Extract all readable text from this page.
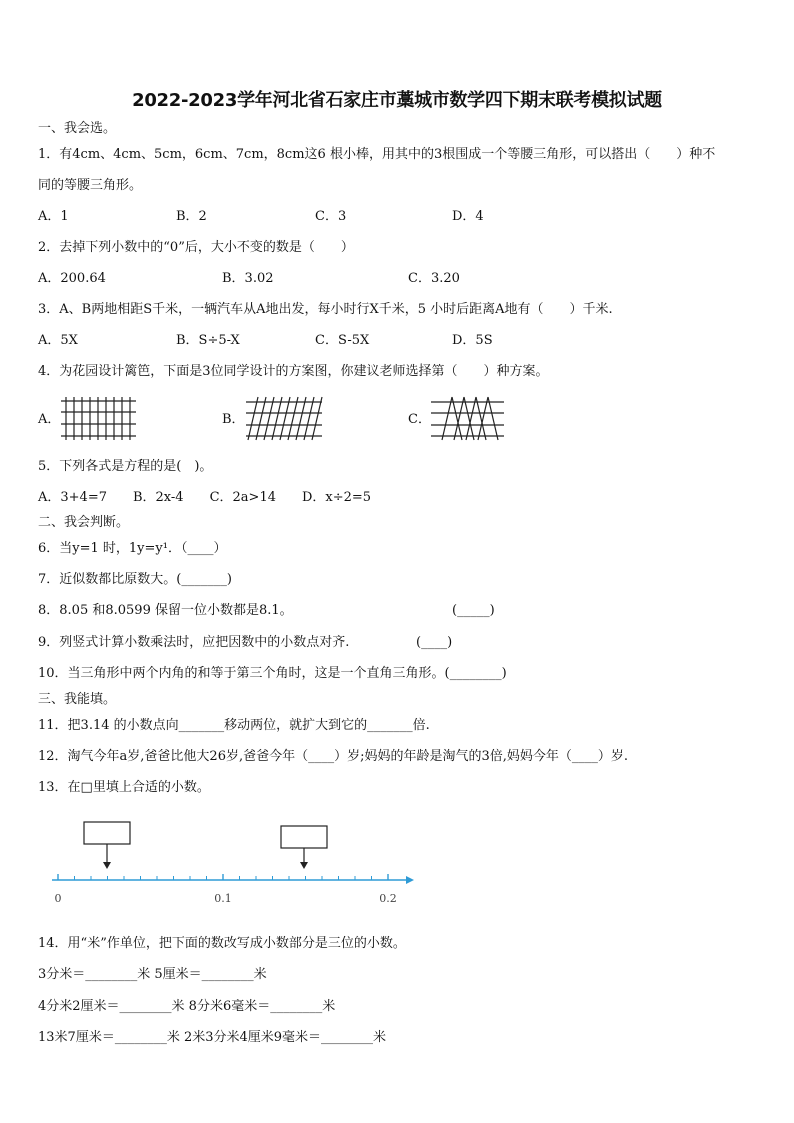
2022-2023学年河北省石家庄市藁城市数学四下期末联考模拟试题
一、我会选。
1．有4cm、4cm、5cm，6cm、7cm，8cm这6 根小棒，用其中的3根围成一个等腰三角形，可以搭出（　　）种不
同的等腰三角形。
A．1	B．2	C．3	D．4
2．去掉下列小数中的“0”后，大小不变的数是（　　）
A．200.64	B．3.02	C．3.20
3．A、B两地相距S千米，一辆汽车从A地出发，每小时行X千米，5 小时后距离A地有（　　）千米.
A．5X	B．S÷5-X	C．S-5X	D．5S
4．为花园设计篱笆，下面是3位同学设计的方案图，你建议老师选择第（　　）种方案。
A．	B．	C．
5．下列各式是方程的是(　)。
A．3+4=7　　B．2x-4　　C．2a>14　　D．x÷2=5
二、我会判断。
6．当y=1 时，1y=y¹．（____）
7．近似数都比原数大。(_______)
8．8.05 和8.0599 保留一位小数都是8.1。	(_____)
9．列竖式计算小数乘法时，应把因数中的小数点对齐.	(____)
10．当三角形中两个内角的和等于第三个角时，这是一个直角三角形。(________)
三、我能填。
11．把3.14 的小数点向_______移动两位，就扩大到它的_______倍.
12．淘气今年a岁,爸爸比他大26岁,爸爸今年（____）岁;妈妈的年龄是淘气的3倍,妈妈今年（____）岁.
13．在□里填上合适的小数。
0	0.1	0.2
14．用“米”作单位，把下面的数改写成小数部分是三位的小数。
3分米＝________米 5厘米＝________米
4分米2厘米＝________米 8分米6毫米＝________米
13米7厘米＝________米 2米3分米4厘米9毫米＝________米
